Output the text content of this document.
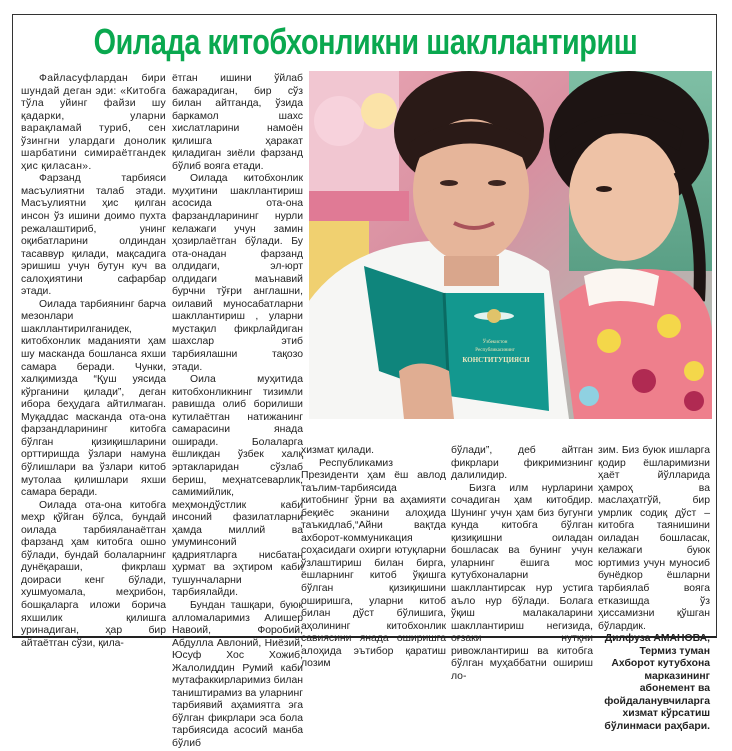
Оилада китобхонликни шакллантириш

Файласуфлардан бири шундай деган эди: «Китобга тўла уйинг файзи шу қадарки, уларни варақламай туриб, сен ўзингни улардаги донолик шарбатини симираётгандек ҳис қиласан».

Фарзанд тарбияси масъулиятни талаб этади. Масъулиятни ҳис қилган инсон ўз ишини доимо пухта режалаштириб, унинг оқибатларини олдиндан тасаввур қилади, мақсадига эришиш учун бутун куч ва салоҳиятини сафарбар этади.

Оилада тарбиянинг барча мезонлари шакллантирилганидек, китобхонлик маданияти ҳам шу масканда бошланса яхши самара беради. Чунки, халқимизда “Қуш уясида кўрганини қилади”, деган ибора беҳудага айтилмаган. Муқаддас масканда ота-она фарзандларининг китобга бўлган қизиқишларини орттиришда ўзлари намуна бўлишлари ва ўзлари китоб мутолаа қилишлари яхши самара беради.

Оилада ота-она китобга меҳр қўйган бўлса, бундай оилада тарбияланаётган фарзанд ҳам китобга ошно бўлади, бундай болаларнинг дунёқараши, фикрлаш доираси кенг бўлади, хушмуомала, меҳрибон, бошқаларга иложи борича яхшилик қилишга уринадиган, ҳар бир айтаётган сўзи, қила-

ётган ишини ўйлаб бажарадиган, бир сўз билан айтганда, ўзида баркамол шахс хислатларини намоён қилишга ҳаракат қиладиган зиёли фарзанд бўлиб вояга етади.

Оилада китобхонлик муҳитини шакллантириш асосида ота-она фарзандларининг нурли келажаги учун замин ҳозирлаётган бўлади. Бу ота-онадан фарзанд олдидаги, эл-юрт олдидаги маънавий бурчни тўғри англашни, оилавий муносабатларни шакллантириш , уларни мустақил фикрлайдиган шахслар этиб тарбиялашни тақозо этади.

Оила муҳитида китобхонликнинг тизимли равишда олиб борилиши кутилаётган натижанинг самарасини янада оширади. Болаларга ёшликдан ўзбек халқ эртакларидан сўзлаб бериш, меҳнатсеварлик, самимийлик, меҳмондўстлик каби инсоний фазилатларни ҳамда миллий ва умуминсоний қадриятларга нисбатан ҳурмат ва эҳтиром каби тушунчаларни тарбиялайди.

Бундан ташқари, буюк алломаларимиз Алишер Навоий, Форобий, Абдулла Авлоний, Ниёзий, Юсуф Хос Хожиб, Жалолиддин Румий каби мутафаккирларимиз билан таништирамиз ва уларнинг тарбиявий аҳамиятга эга бўлган фикрлари эса бола тарбиясида асосий манба бўлиб

Ўзбекистон
Республикасининг
КОНСТИТУЦИЯСИ

хизмат қилади.

Республикамиз Президенти ҳам ёш авлод таълим-тарбиясида китобнинг ўрни ва аҳамияти беқиёс эканини алоҳида таъкидлаб,“Айни вақтда ахборот-коммуникация соҳасидаги охирги ютуқларни ўзлаштириш билан бирга, ёшларнинг китоб ўқишга бўлган қизиқишини оширишга, уларни китоб билан дўст бўлишига, аҳолининг китобхонлик савиясини янада оширишга алоҳида эътибор қаратиш лозим

бўлади”, деб айтган фикрлари фикримизнинг далилидир.

Бизга илм нурларини сочадиган ҳам китобдир. Шунинг учун ҳам биз бугунги кунда китобга бўлган қизиқишни оиладан бошласак ва бунинг учун уларнинг ёшига мос кутубхоналарни шакллантирсак нур устига аъло нур бўлади. Болага ўқиш малакаларини шакллантириш негизида, оғзаки нутқни ривожлантириш ва китобга бўлган муҳаббатни ошириш ло-

зим. Биз буюк ишларга қодир ёшларимизни ҳаёт йўлларида ҳамроҳ ва маслаҳатгўй, бир умрлик содиқ дўст – китобга таянишини оиладан бошласак, келажаги буюк юртимиз учун муносиб бунёдкор ёшларни тарбиялаб вояга етказишда ўз ҳиссамизни қўшган бўлардик.

Дилфуза АМАНОВА,

Термиз туман Ахборот кутубхона марказининг абонемент ва фойдаланувчиларга хизмат кўрсатиш бўлинмаси раҳбари.
